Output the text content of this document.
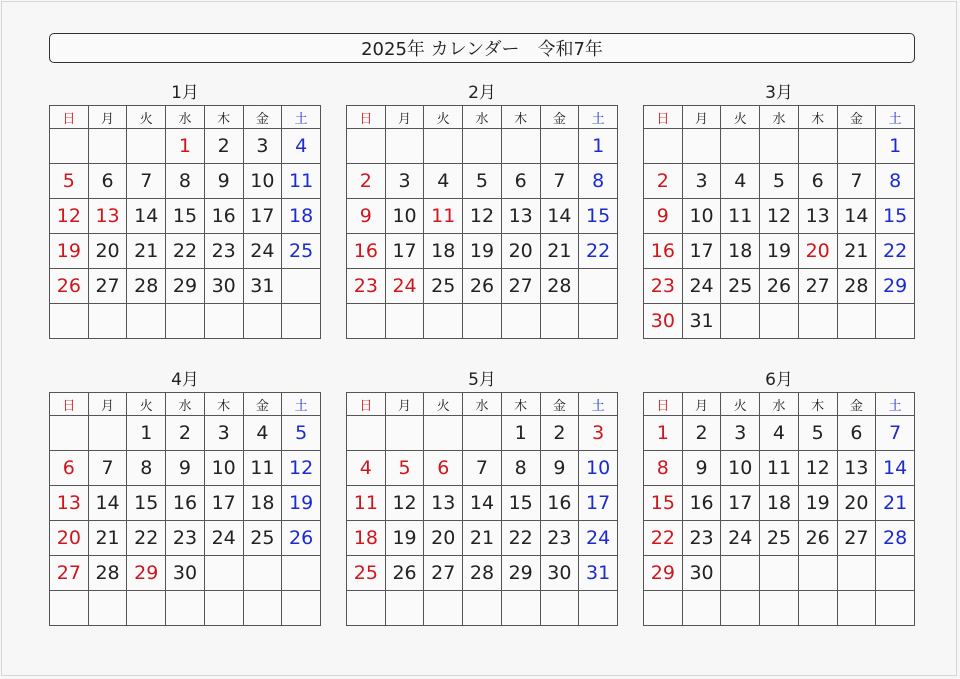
2025年 カレンダー　令和7年
1月
日	月	火	水	木	金	土
			1	2	3	4
5	6	7	8	9	10	11
12	13	14	15	16	17	18
19	20	21	22	23	24	25
26	27	28	29	30	31	

2月
日	月	火	水	木	金	土
						1
2	3	4	5	6	7	8
9	10	11	12	13	14	15
16	17	18	19	20	21	22
23	24	25	26	27	28	

3月
日	月	火	水	木	金	土
						1
2	3	4	5	6	7	8
9	10	11	12	13	14	15
16	17	18	19	20	21	22
23	24	25	26	27	28	29
30	31					
4月
日	月	火	水	木	金	土
		1	2	3	4	5
6	7	8	9	10	11	12
13	14	15	16	17	18	19
20	21	22	23	24	25	26
27	28	29	30			

5月
日	月	火	水	木	金	土
				1	2	3
4	5	6	7	8	9	10
11	12	13	14	15	16	17
18	19	20	21	22	23	24
25	26	27	28	29	30	31

6月
日	月	火	水	木	金	土
1	2	3	4	5	6	7
8	9	10	11	12	13	14
15	16	17	18	19	20	21
22	23	24	25	26	27	28
29	30					
